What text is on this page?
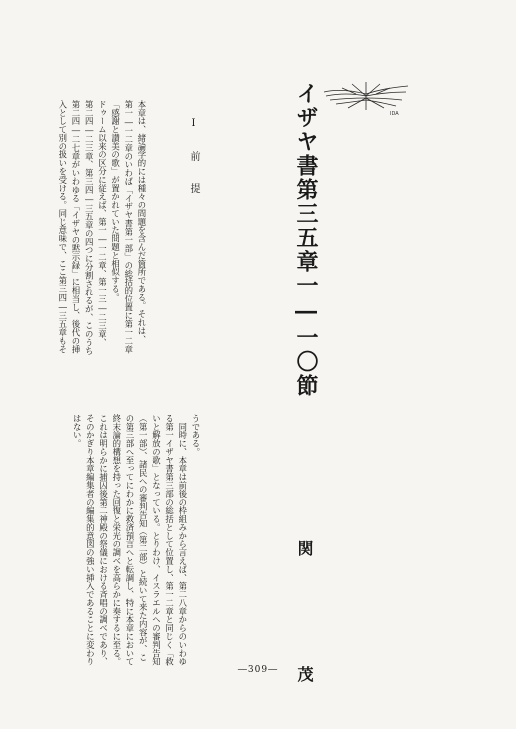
IDA
イザヤ書第三五章一―一〇節
I　前　提
本章は、緒論学的には種々の問題を含んだ箇所である。それは、
第一―一二章のいわば「イザヤ書第一部」の総括的位置に第一二章
「感謝と讃美の歌」が置かれていた問題と相似する。
ドゥーム以来の区分に従えば、第一―一二章、第一三―二三章、
第二四―二三章、第三四―三五章の四つに分割されるが、このうち
第二四―二七章がいわゆる「イザヤの黙示録」に相当し、後代の挿
入として別の扱いを受ける。同じ意味で、ここ第三四―三五章もそ
関　　茂
うである。
　同時に、本章は前後の枠組みから言えば、第二八章からのいわゆ
る第一イザヤ書第三部の総括として位置し、第一二章と同じく「救
いと解放の歌」となっている。とりわけ、イスラエルへの審判告知
（第一部）、諸民への審判告知（第二部）と続いて来た内容が、こ
の第三部へ至ってにわかに救済預言へと転調し、特に本章において
終末論的構想を持った回復と栄光の調べを高らかに奏するに至る。
これは明らかに捕囚後第二神殿の祭儀における斉唱の調べであり、
そのかぎり本章編集者の編集的意図の強い挿入であることに変わり
はない。
―309―
